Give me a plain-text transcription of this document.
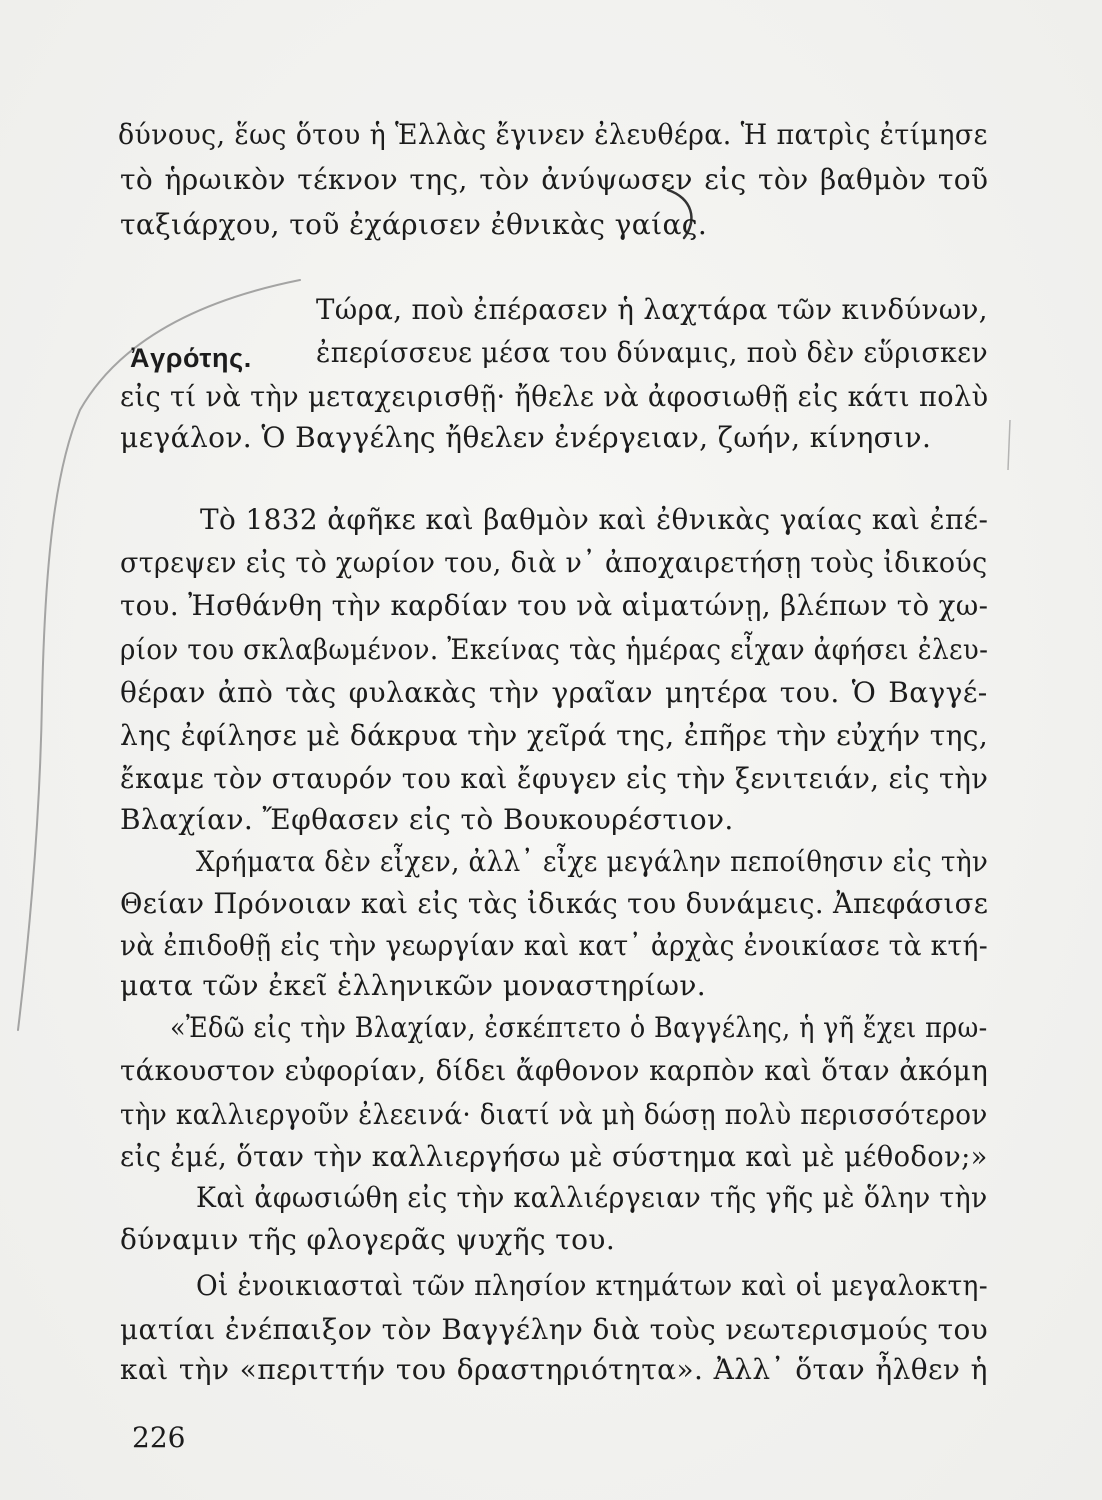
δύνους, ἕως ὅτου ἡ Ἑλλὰς ἔγινεν ἐλευθέρα. Ἡ πατρὶς ἐτίμησε
τὸ ἡρωικὸν τέκνον της, τὸν ἀνύψωσεν εἰς τὸν βαθμὸν τοῦ
ταξιάρχου, τοῦ ἐχάρισεν ἐθνικὰς γαίας.
Τώρα, ποὺ ἐπέρασεν ἡ λαχτάρα τῶν κινδύνων,
Ἀγρότης. ἐπερίσσευε μέσα του δύναμις, ποὺ δὲν εὕρισκεν
εἰς τί νὰ τὴν μεταχειρισθῇ· ἤθελε νὰ ἀφοσιωθῇ εἰς κάτι πολὺ
μεγάλον. Ὁ Βαγγέλης ἤθελεν ἐνέργειαν, ζωήν, κίνησιν.
Τὸ 1832 ἀφῆκε καὶ βαθμὸν καὶ ἐθνικὰς γαίας καὶ ἐπέ-
στρεψεν εἰς τὸ χωρίον του, διὰ ν᾽ ἀποχαιρετήσῃ τοὺς ἰδικούς
του. Ἠσθάνθη τὴν καρδίαν του νὰ αἱματώνῃ, βλέπων τὸ χω-
ρίον του σκλαβωμένον. Ἐκείνας τὰς ἡμέρας εἶχαν ἀφήσει ἐλευ-
θέραν ἀπὸ τὰς φυλακὰς τὴν γραῖαν μητέρα του. Ὁ Βαγγέ-
λης ἐφίλησε μὲ δάκρυα τὴν χεῖρά της, ἐπῆρε τὴν εὐχήν της,
ἔκαμε τὸν σταυρόν του καὶ ἔφυγεν εἰς τὴν ξενιτειάν, εἰς τὴν
Βλαχίαν. Ἔφθασεν εἰς τὸ Βουκουρέστιον.
Χρήματα δὲν εἶχεν, ἀλλ᾽ εἶχε μεγάλην πεποίθησιν εἰς τὴν
Θείαν Πρόνοιαν καὶ εἰς τὰς ἰδικάς του δυνάμεις. Ἀπεφάσισε
νὰ ἐπιδοθῇ εἰς τὴν γεωργίαν καὶ κατ᾽ ἀρχὰς ἐνοικίασε τὰ κτή-
ματα τῶν ἐκεῖ ἑλληνικῶν μοναστηρίων.
«Ἐδῶ εἰς τὴν Βλαχίαν, ἐσκέπτετο ὁ Βαγγέλης, ἡ γῆ ἔχει πρω-
τάκουστον εὐφορίαν, δίδει ἄφθονον καρπὸν καὶ ὅταν ἀκόμη
τὴν καλλιεργοῦν ἐλεεινά· διατί νὰ μὴ δώσῃ πολὺ περισσότερον
εἰς ἐμέ, ὅταν τὴν καλλιεργήσω μὲ σύστημα καὶ μὲ μέθοδον;»
Καὶ ἀφωσιώθη εἰς τὴν καλλιέργειαν τῆς γῆς μὲ ὅλην τὴν
δύναμιν τῆς φλογερᾶς ψυχῆς του.
Οἱ ἐνοικιασταὶ τῶν πλησίον κτημάτων καὶ οἱ μεγαλοκτη-
ματίαι ἐνέπαιξον τὸν Βαγγέλην διὰ τοὺς νεωτερισμούς του
καὶ τὴν «περιττήν του δραστηριότητα». Ἀλλ᾽ ὅταν ἦλθεν ἡ
226
